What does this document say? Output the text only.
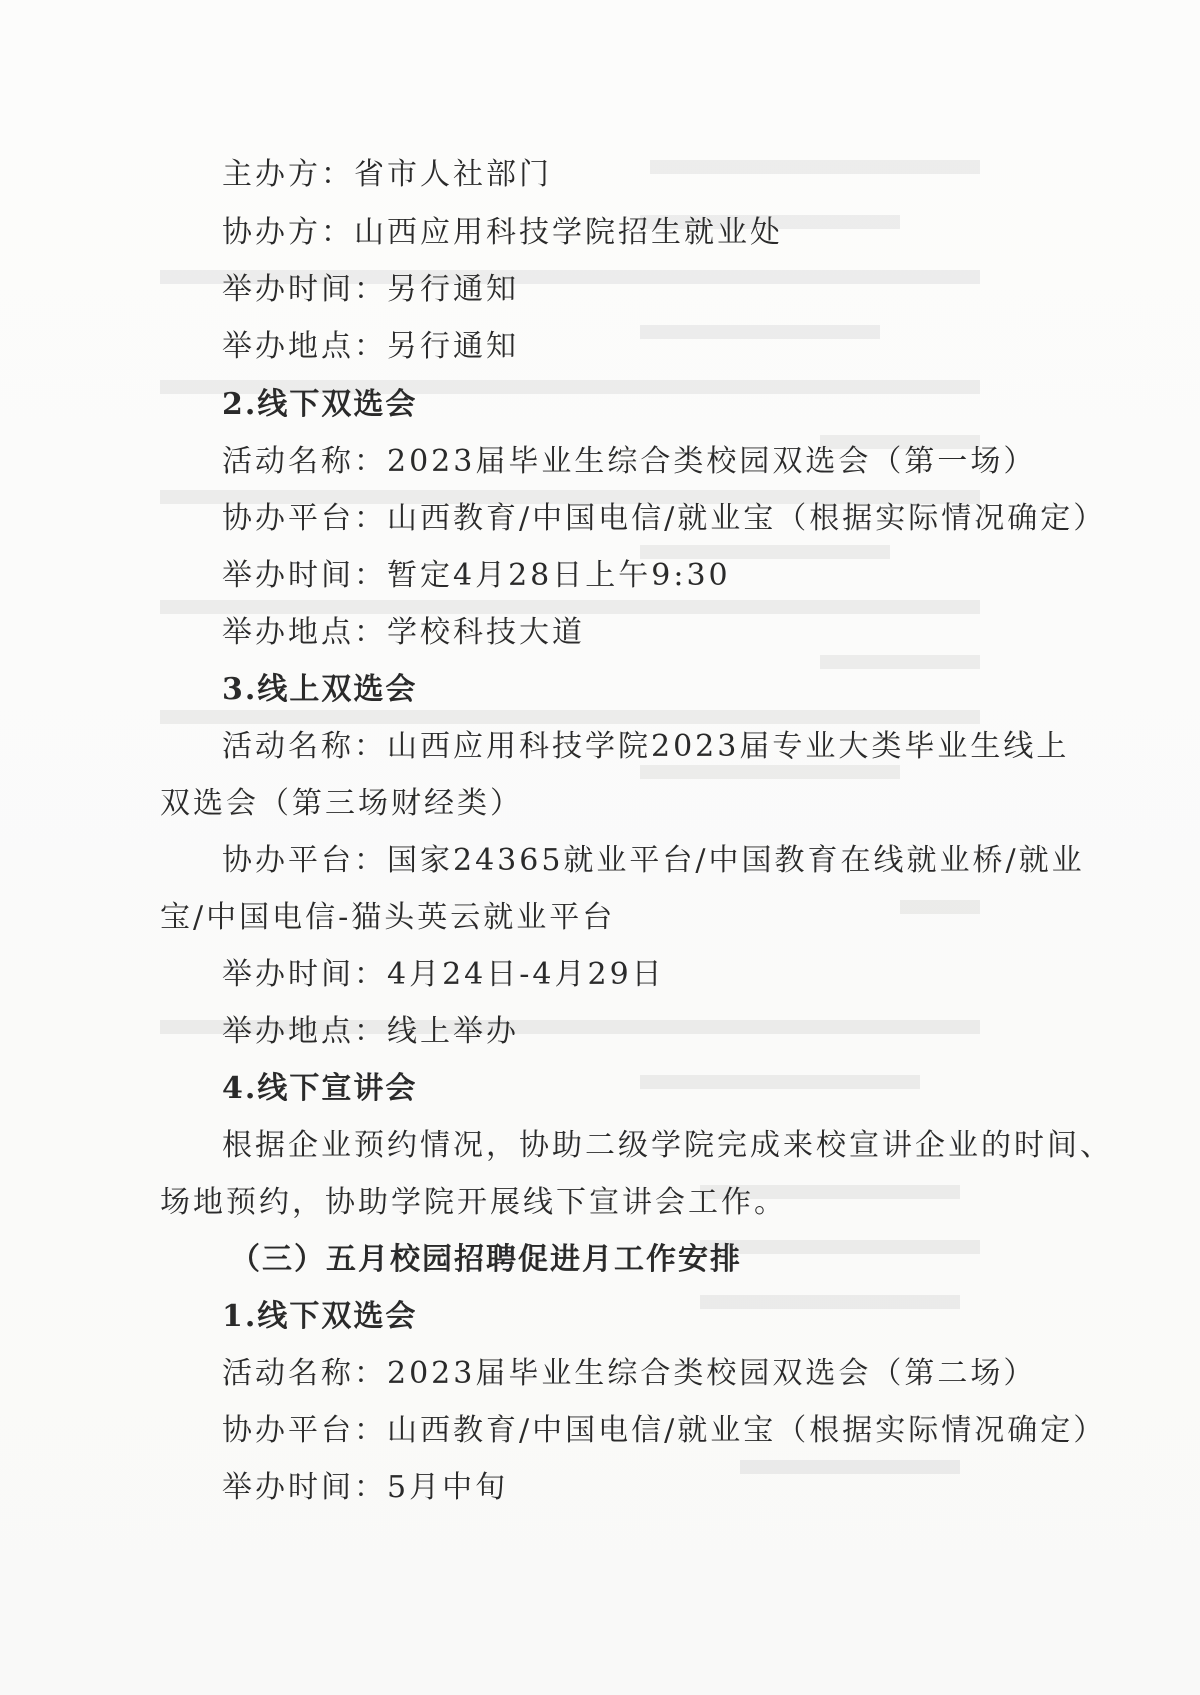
主办方：省市人社部门
协办方：山西应用科技学院招生就业处
举办时间：另行通知
举办地点：另行通知
2.线下双选会
活动名称：2023届毕业生综合类校园双选会（第一场）
协办平台：山西教育/中国电信/就业宝（根据实际情况确定）
举办时间：暂定4月28日上午9:30
举办地点：学校科技大道
3.线上双选会
活动名称：山西应用科技学院2023届专业大类毕业生线上
双选会（第三场财经类）
协办平台：国家24365就业平台/中国教育在线就业桥/就业
宝/中国电信-猫头英云就业平台
举办时间：4月24日-4月29日
举办地点：线上举办
4.线下宣讲会
根据企业预约情况，协助二级学院完成来校宣讲企业的时间、
场地预约，协助学院开展线下宣讲会工作。
（三）五月校园招聘促进月工作安排
1.线下双选会
活动名称：2023届毕业生综合类校园双选会（第二场）
协办平台：山西教育/中国电信/就业宝（根据实际情况确定）
举办时间：5月中旬
